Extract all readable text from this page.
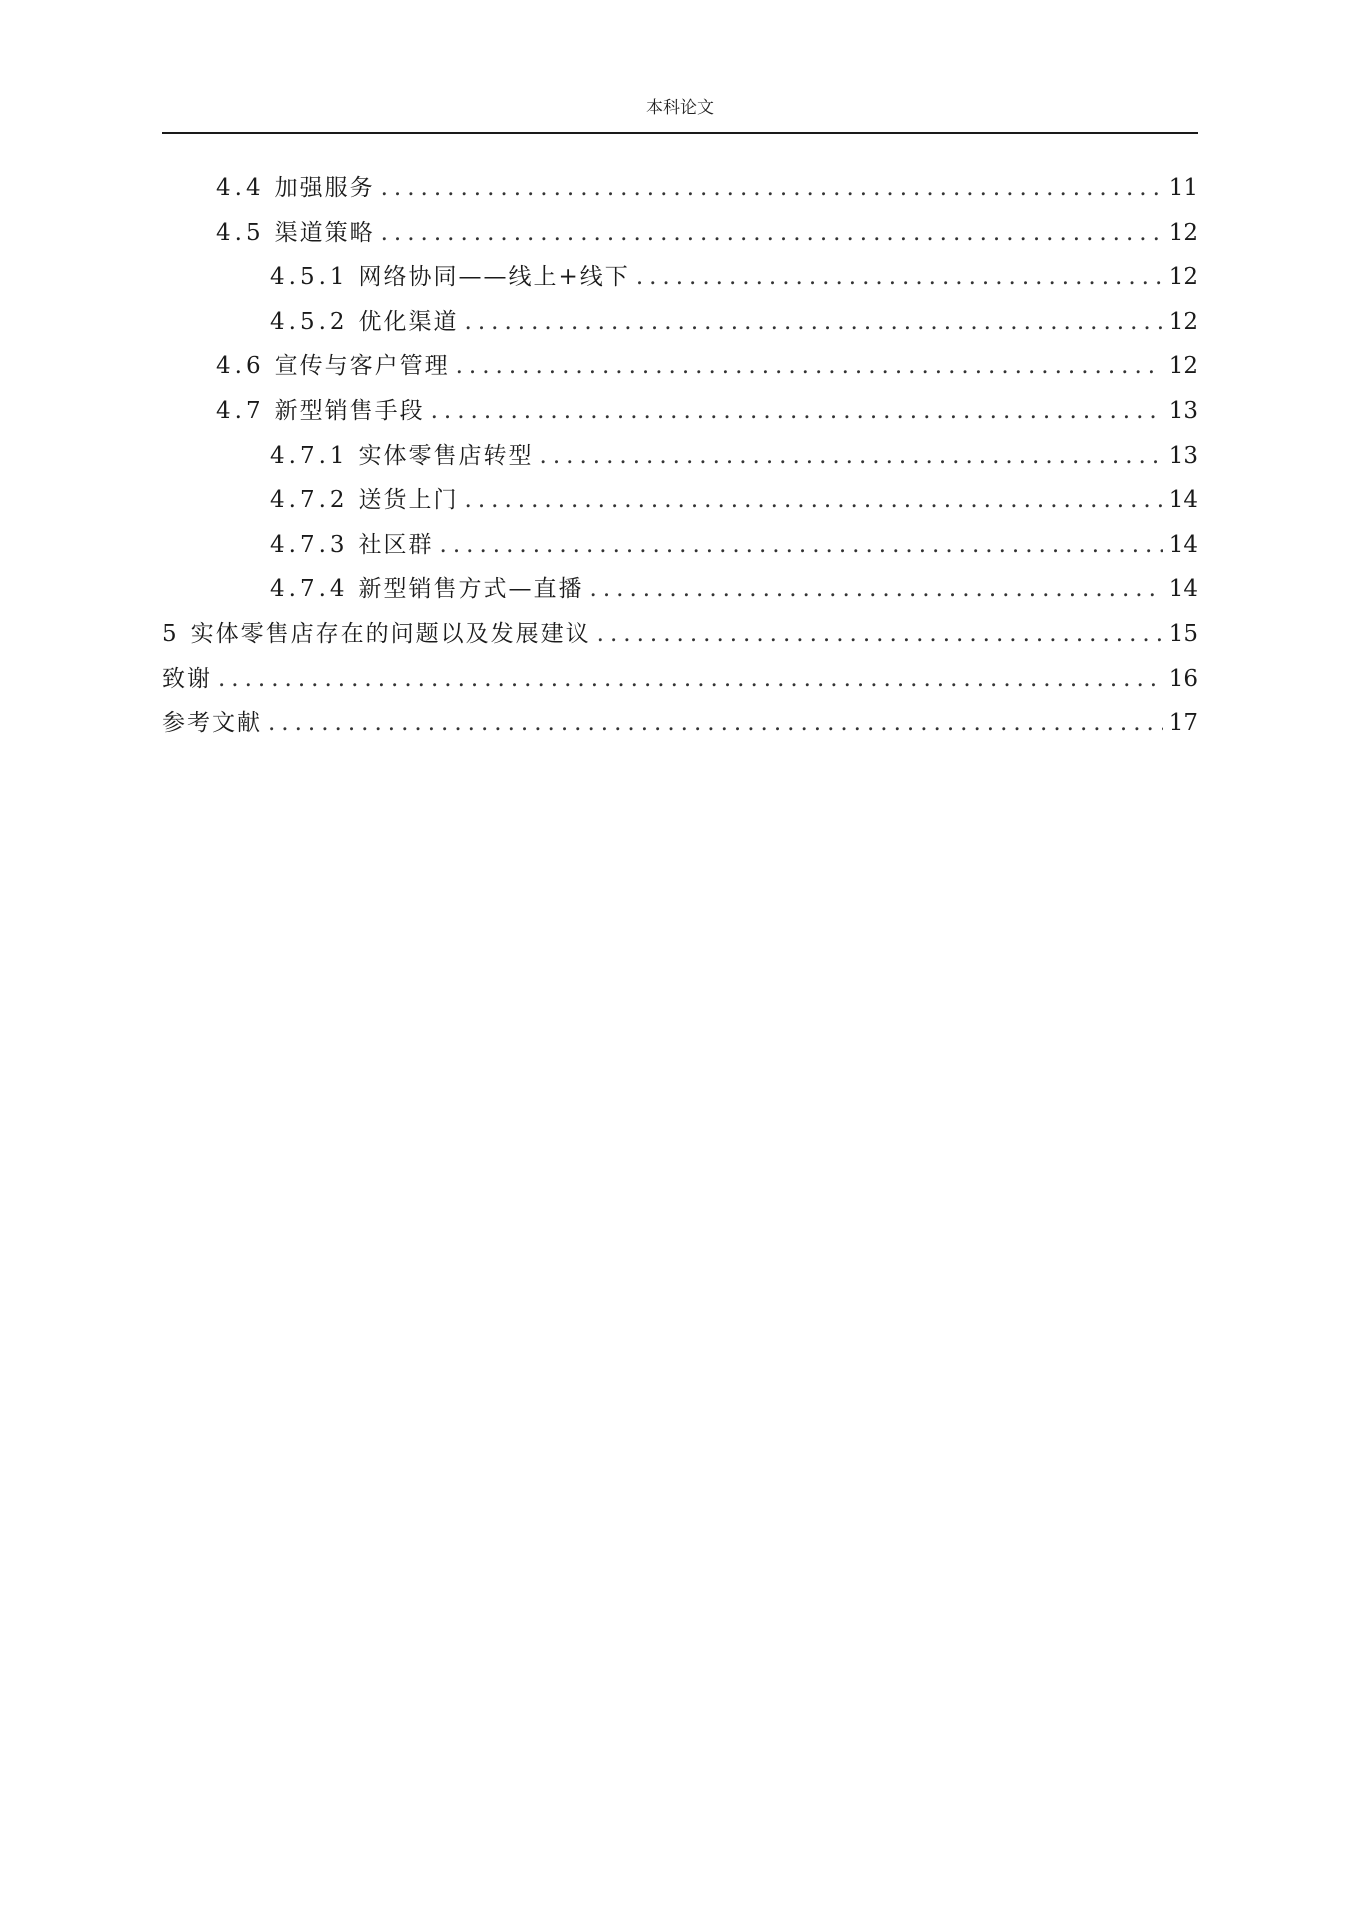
本科论文
4.4 加强服务 .....	11
4.5 渠道策略 .....	12
4.5.1 网络协同——线上+线下 .....	12
4.5.2 优化渠道 .....	12
4.6 宣传与客户管理 .....	12
4.7 新型销售手段 .....	13
4.7.1 实体零售店转型 .....	13
4.7.2 送货上门 .....	14
4.7.3 社区群 .....	14
4.7.4 新型销售方式—直播 .....	14
5 实体零售店存在的问题以及发展建议 .....	15
致谢 .....	16
参考文献 .....	17
